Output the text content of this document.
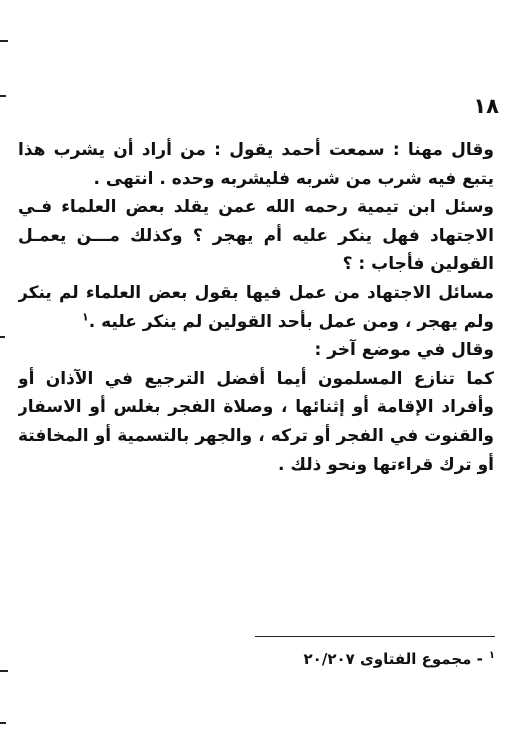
١٨
وقال مهنا : سمعت أحمد يقول : من أراد أن يشرب هذا
يتبع فيه شرب من شربه فليشربه وحده . انتهى .
وسئل ابن تيمية رحمه الله عمن يقلد بعض العلماء فـي
الاجتهاد فهل ينكر عليه أم يهجر ؟ وكذلك مـــن يعمـل
القولين فأجاب : ؟
مسائل الاجتهاد من عمل فيها بقول بعض العلماء لم ينكر
ولم يهجر ، ومن عمل بأحد القولين لم ينكر عليه .$^١$
وقال في موضع آخر :
كما تنازع المسلمون أيما أفضل الترجيع في الآذان أو
وأفراد الإقامة أو إثنائها ، وصلاة الفجر بغلس أو الاسفار
والقنوت في الفجر أو تركه ، والجهر بالتسمية أو المخافتة
أو ترك قراءتها ونحو ذلك .
$^١$- مجموع الفتاوى ٢٠/٢٠٧
